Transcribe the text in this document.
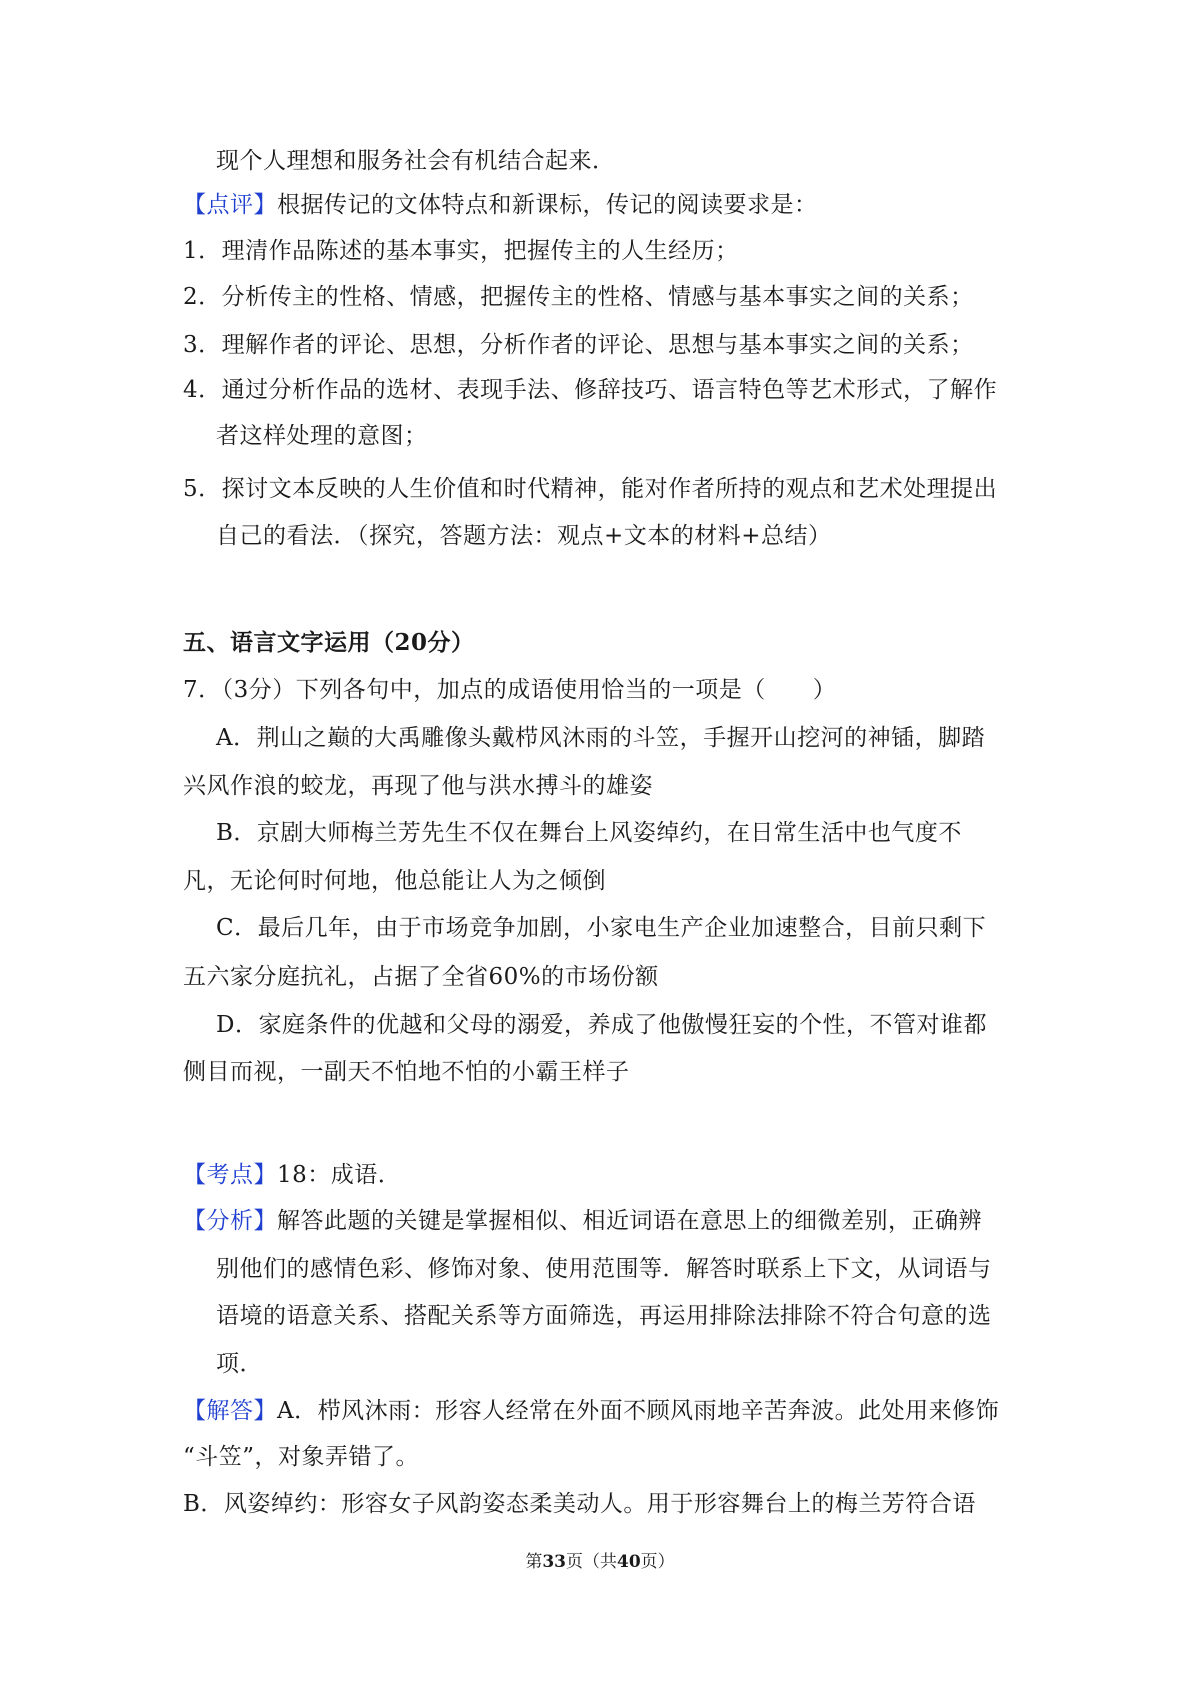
现个人理想和服务社会有机结合起来．
【点评】根据传记的文体特点和新课标，传记的阅读要求是：
1．理清作品陈述的基本事实，把握传主的人生经历；
2．分析传主的性格、情感，把握传主的性格、情感与基本事实之间的关系；
3．理解作者的评论、思想，分析作者的评论、思想与基本事实之间的关系；
4．通过分析作品的选材、表现手法、修辞技巧、语言特色等艺术形式，了解作
者这样处理的意图；
5．探讨文本反映的人生价值和时代精神，能对作者所持的观点和艺术处理提出
自己的看法．（探究，答题方法：观点+文本的材料+总结）
五、语言文字运用（20分）
7．（3分）下列各句中，加点的成语使用恰当的一项是（　　）
A．荆山之巅的大禹雕像头戴栉风沐雨的斗笠，手握开山挖河的神锸，脚踏
兴风作浪的蛟龙，再现了他与洪水搏斗的雄姿
B．京剧大师梅兰芳先生不仅在舞台上风姿绰约，在日常生活中也气度不
凡，无论何时何地，他总能让人为之倾倒
C．最后几年，由于市场竞争加剧，小家电生产企业加速整合，目前只剩下
五六家分庭抗礼，占据了全省60%的市场份额
D．家庭条件的优越和父母的溺爱，养成了他傲慢狂妄的个性，不管对谁都
侧目而视，一副天不怕地不怕的小霸王样子
【考点】18：成语．
【分析】解答此题的关键是掌握相似、相近词语在意思上的细微差别，正确辨
别他们的感情色彩、修饰对象、使用范围等．解答时联系上下文，从词语与
语境的语意关系、搭配关系等方面筛选，再运用排除法排除不符合句意的选
项．
【解答】A．栉风沐雨：形容人经常在外面不顾风雨地辛苦奔波。此处用来修饰
“斗笠”，对象弄错了。
B．风姿绰约：形容女子风韵姿态柔美动人。用于形容舞台上的梅兰芳符合语
第33页（共40页）
